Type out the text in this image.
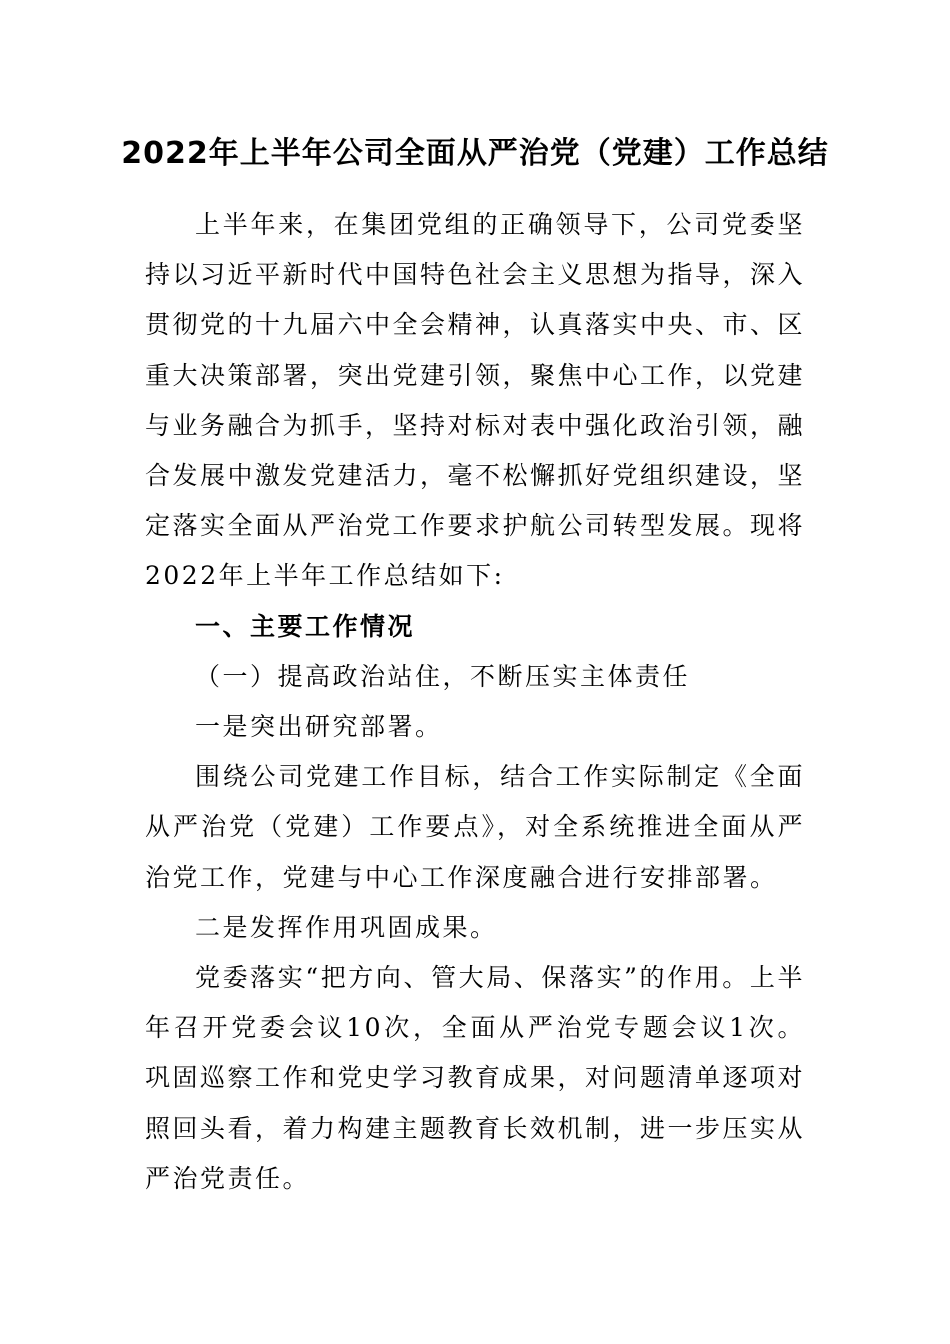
2022年上半年公司全面从严治党（党建）工作总结

上半年来，在集团党组的正确领导下，公司党委坚持以习近平新时代中国特色社会主义思想为指导，深入贯彻党的十九届六中全会精神，认真落实中央、市、区重大决策部署，突出党建引领，聚焦中心工作，以党建与业务融合为抓手，坚持对标对表中强化政治引领，融合发展中激发党建活力，毫不松懈抓好党组织建设，坚定落实全面从严治党工作要求护航公司转型发展。现将2022年上半年工作总结如下:

一、主要工作情况

（一）提高政治站住，不断压实主体责任

一是突出研究部署。

围绕公司党建工作目标，结合工作实际制定《全面从严治党（党建）工作要点》，对全系统推进全面从严治党工作，党建与中心工作深度融合进行安排部署。

二是发挥作用巩固成果。

党委落实“把方向、管大局、保落实”的作用。上半年召开党委会议10次，全面从严治党专题会议1次。巩固巡察工作和党史学习教育成果，对问题清单逐项对照回头看，着力构建主题教育长效机制，进一步压实从严治党责任。
